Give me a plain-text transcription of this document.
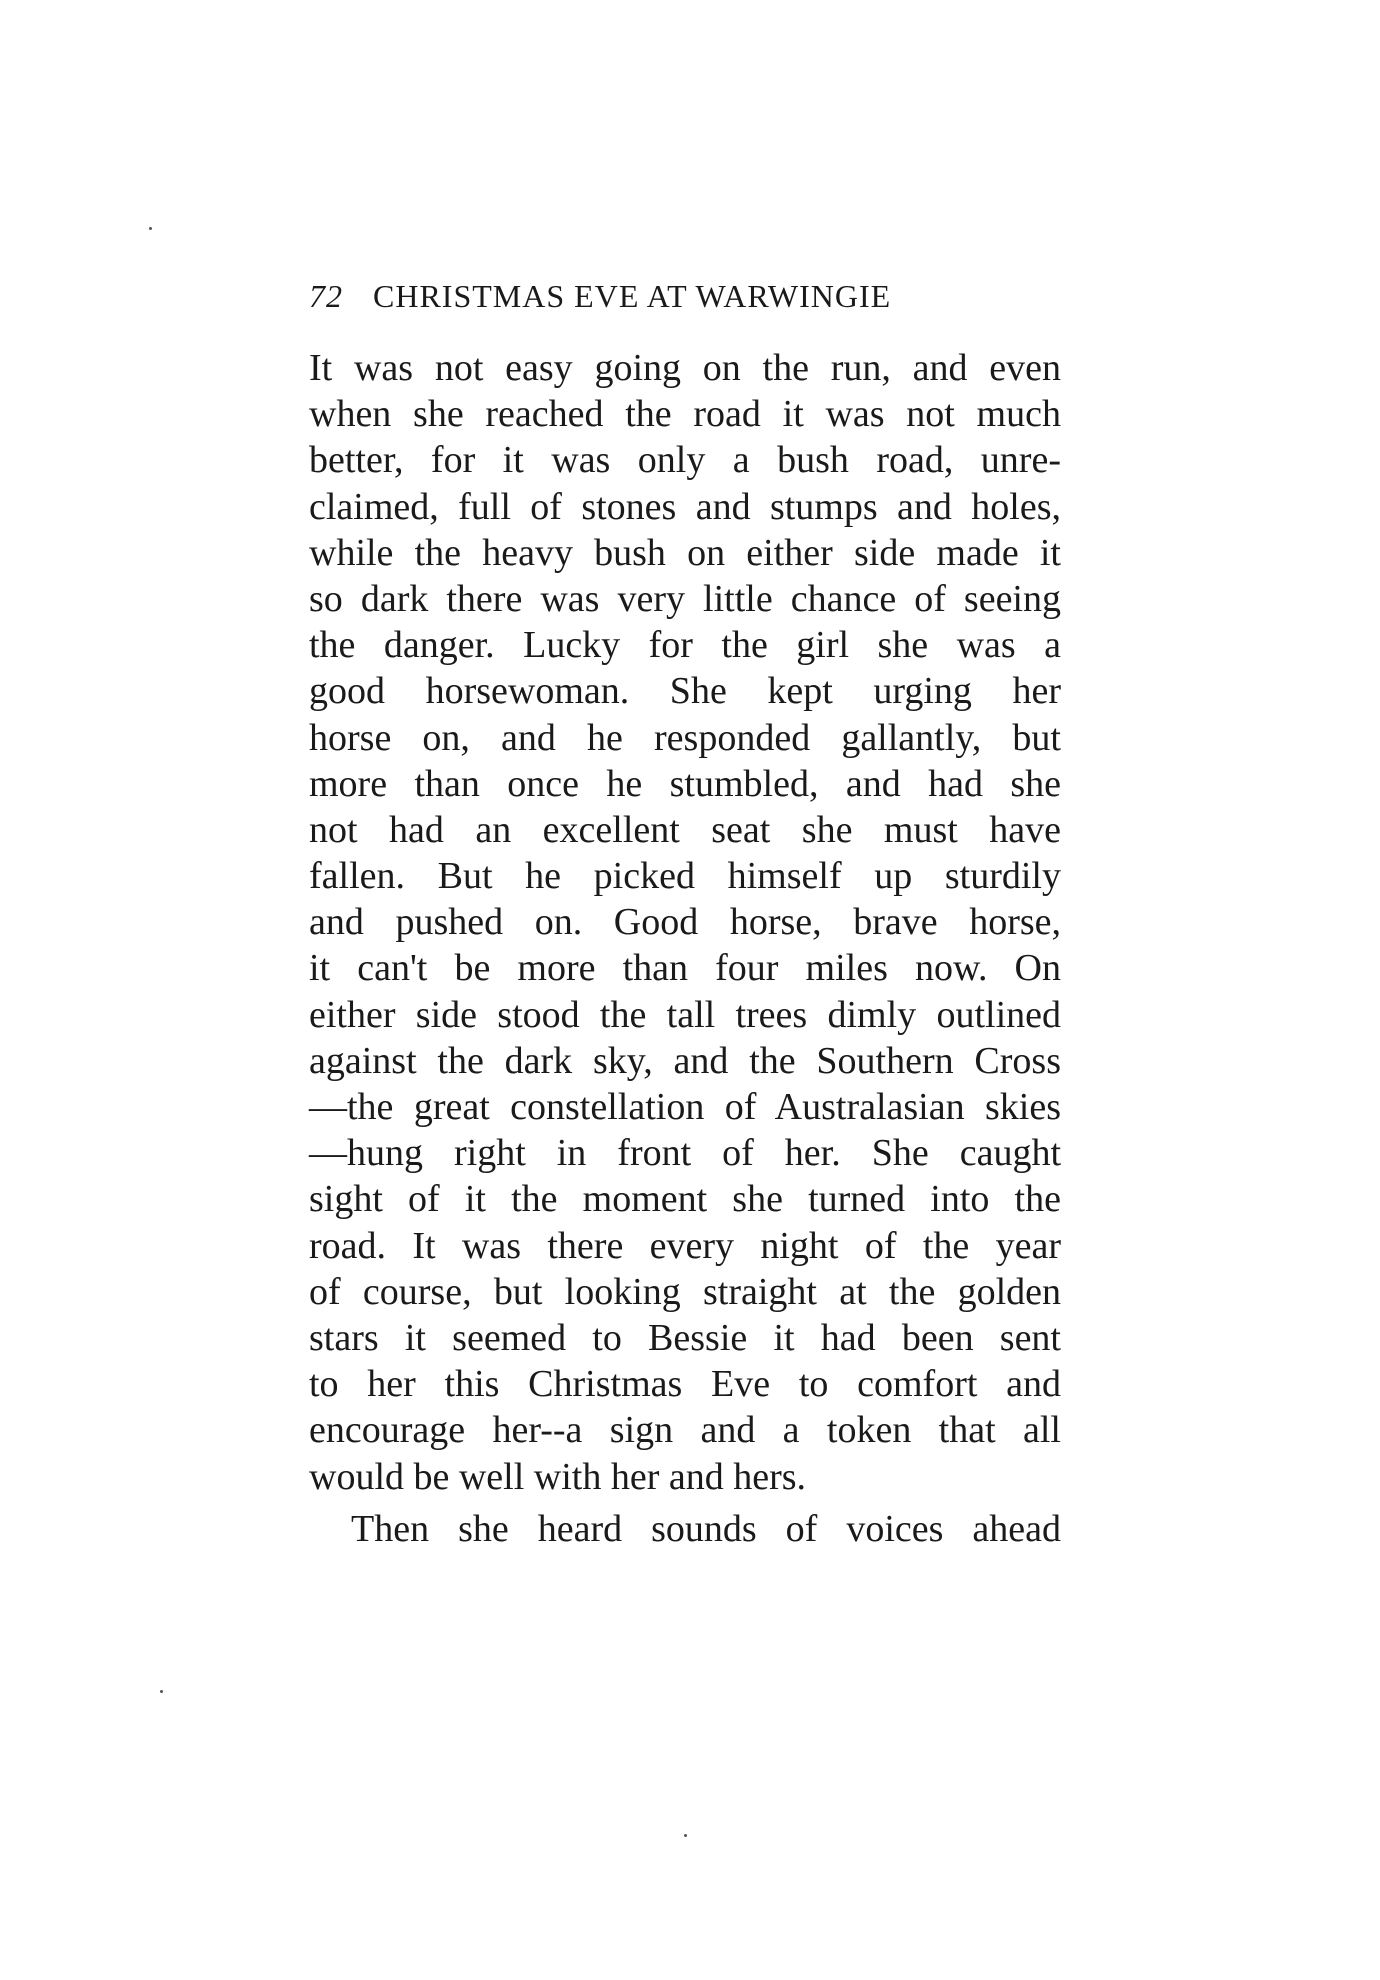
72 CHRISTMAS EVE AT WARWINGIE
It was not easy going on the run, and even
when she reached the road it was not much
better, for it was only a bush road, unre-
claimed, full of stones and stumps and holes,
while the heavy bush on either side made it
so dark there was very little chance of seeing
the danger. Lucky for the girl she was a
good horsewoman. She kept urging her
horse on, and he responded gallantly, but
more than once he stumbled, and had she
not had an excellent seat she must have
fallen. But he picked himself up sturdily
and pushed on. Good horse, brave horse,
it can't be more than four miles now. On
either side stood the tall trees dimly outlined
against the dark sky, and the Southern Cross
—the great constellation of Australasian skies
—hung right in front of her. She caught
sight of it the moment she turned into the
road. It was there every night of the year
of course, but looking straight at the golden
stars it seemed to Bessie it had been sent
to her this Christmas Eve to comfort and
encourage her--a sign and a token that all
would be well with her and hers.
Then she heard sounds of voices ahead
